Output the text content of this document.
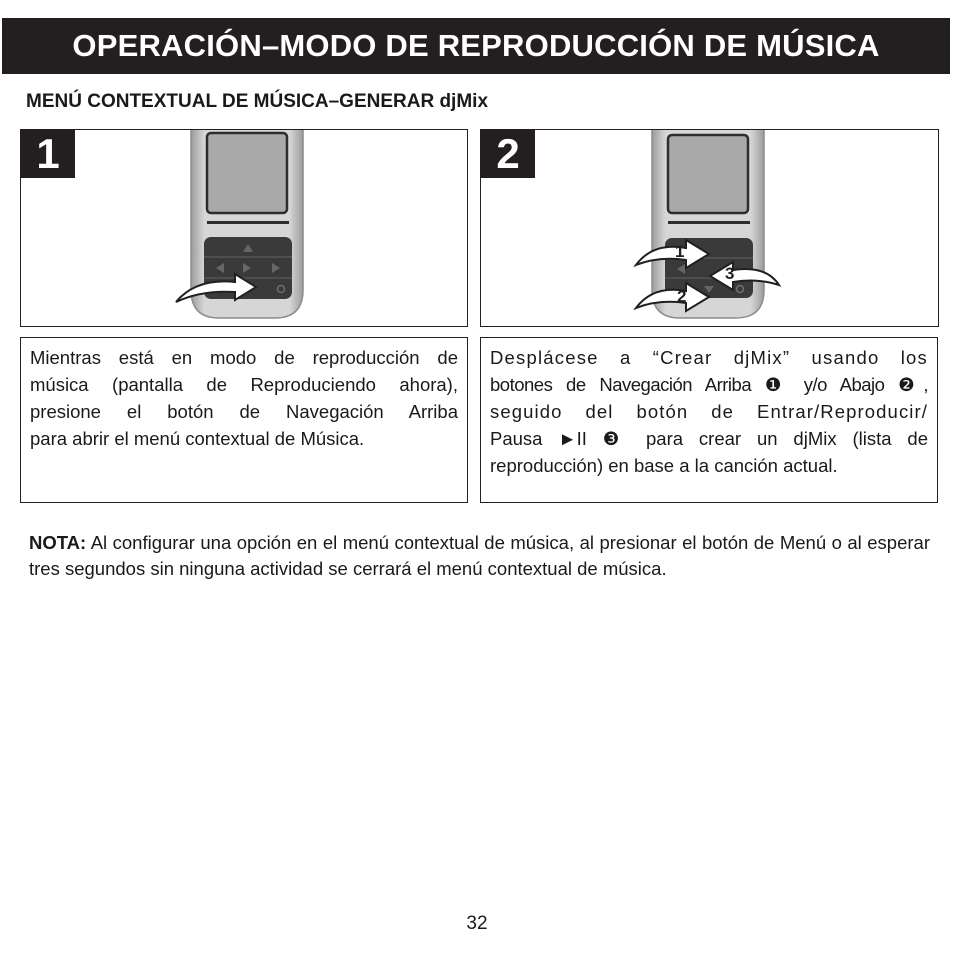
OPERACIÓN–MODO DE REPRODUCCIÓN DE MÚSICA
MENÚ CONTEXTUAL DE MÚSICA–GENERAR djMix
1
1
2
3
2
Mientras está en modo de reproducción de
música (pantalla de Reproduciendo ahora),
presione el botón de Navegación Arriba
para abrir el menú contextual de Música.
Desplácese a “Crear djMix” usando los
botones de Navegación Arriba ❶ y/o Abajo ❷,
seguido del botón de Entrar/Reproducir/
Pausa ►II ❸ para crear un djMix (lista de
reproducción) en base a la canción actual.
NOTA: Al configurar una opción en el menú contextual de música, al presionar el botón de Menú o al esperar tres segundos sin ninguna actividad se cerrará el menú contextual de música.
32
